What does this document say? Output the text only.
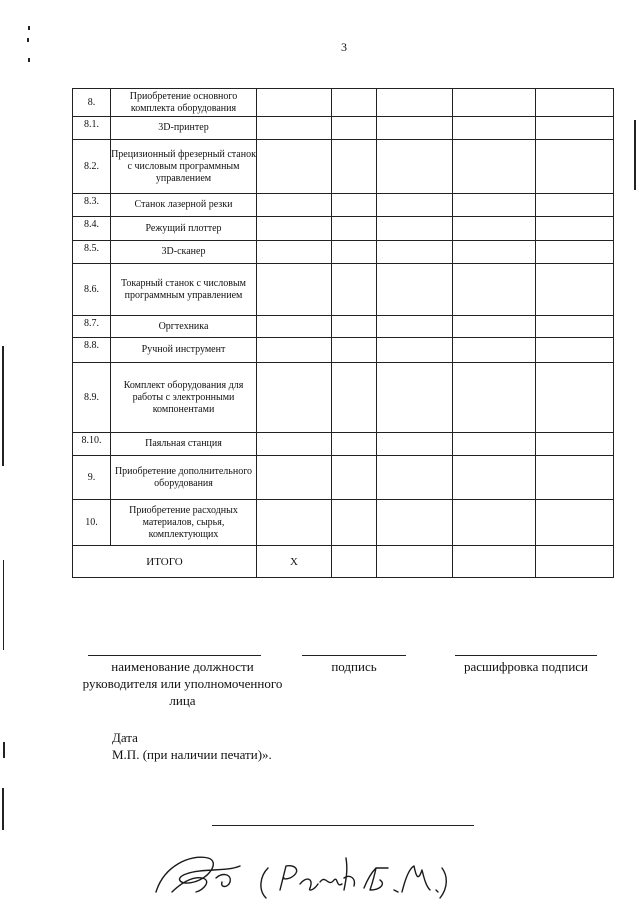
3
8.	Приобретение основного комплекта оборудования					
8.1.	3D-принтер					
8.2.	Прецизионный фрезерный станок с числовым программным управлением					
8.3.	Станок лазерной резки					
8.4.	Режущий плоттер					
8.5.	3D-сканер					
8.6.	Токарный станок с числовым программным управлением					
8.7.	Оргтехника					
8.8.	Ручной инструмент					
8.9.	Комплект оборудования для работы с электронными компонентами					
8.10.	Паяльная станция					
9.	Приобретение дополнительного оборудования					
10.	Приобретение расходных материалов, сырья, комплектующих					
ИТОГО		Х				
наименование должности руководителя или уполномоченного лица
подпись	расшифровка подписи
Дата
М.П. (при наличии печати)».
